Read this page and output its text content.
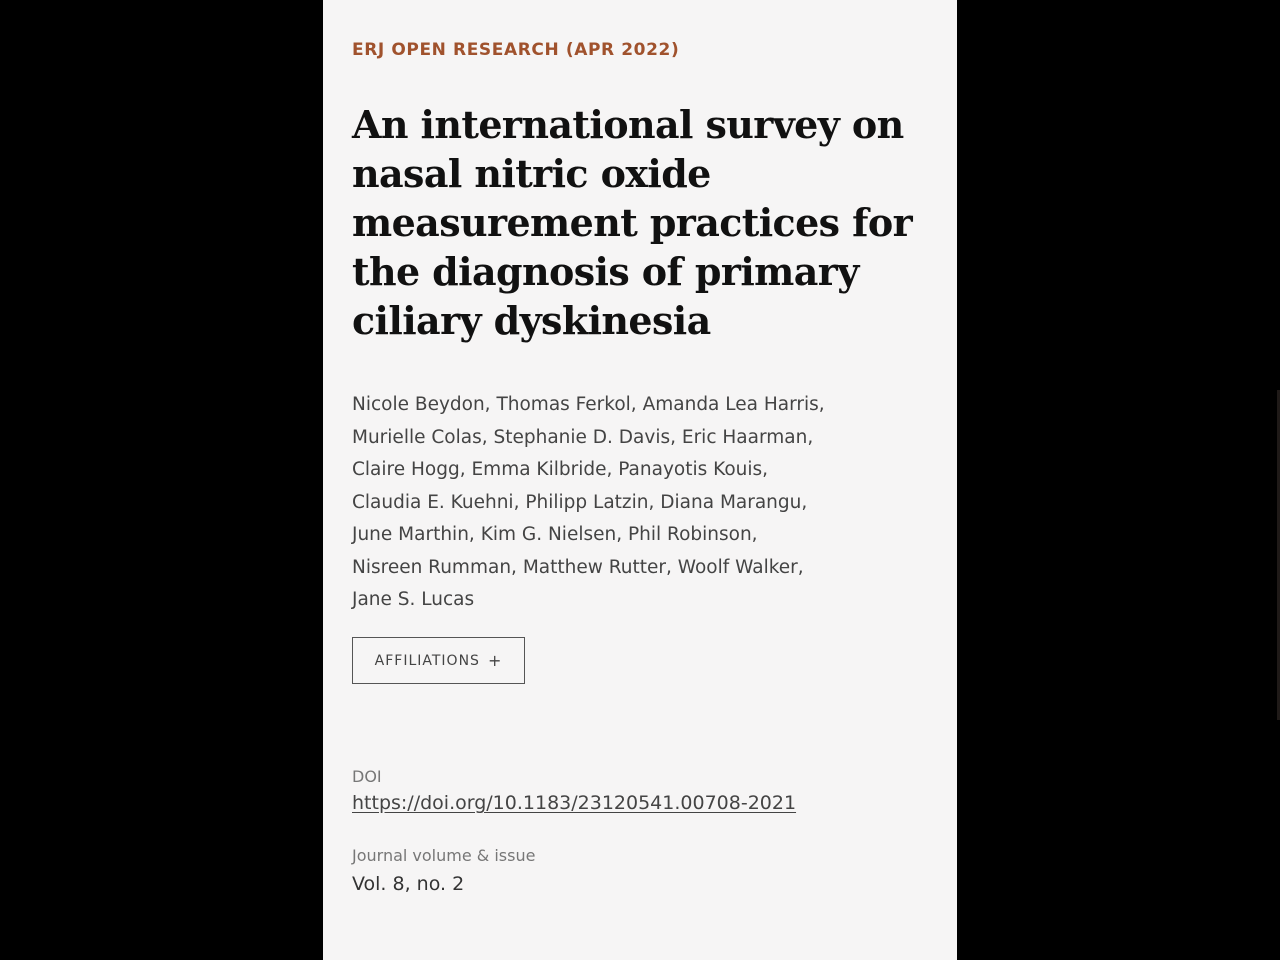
ERJ OPEN RESEARCH (APR 2022)

An international survey on nasal nitric oxide measurement practices for the diagnosis of primary ciliary dyskinesia

Nicole Beydon, Thomas Ferkol, Amanda Lea Harris,
Murielle Colas, Stephanie D. Davis, Eric Haarman,
Claire Hogg, Emma Kilbride, Panayotis Kouis,
Claudia E. Kuehni, Philipp Latzin, Diana Marangu,
June Marthin, Kim G. Nielsen, Phil Robinson,
Nisreen Rumman, Matthew Rutter, Woolf Walker,
Jane S. Lucas

AFFILIATIONS +

DOI

https://doi.org/10.1183/23120541.00708-2021

Journal volume & issue

Vol. 8, no. 2
